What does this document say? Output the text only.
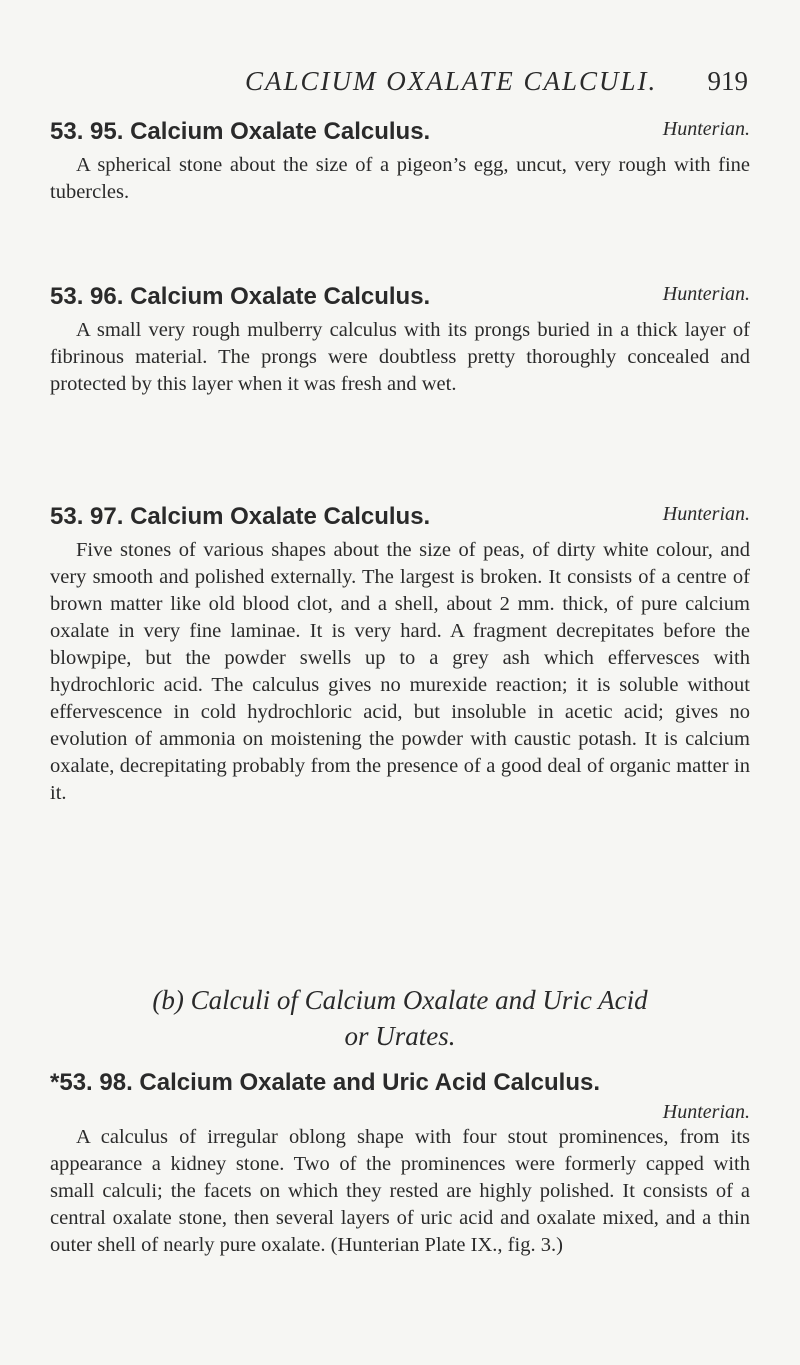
CALCIUM OXALATE CALCULI. 919
53. 95. Calcium Oxalate Calculus.	Hunterian.

A spherical stone about the size of a pigeon’s egg, uncut, very rough with fine tubercles.

53. 96. Calcium Oxalate Calculus.	Hunterian.

A small very rough mulberry calculus with its prongs buried in a thick layer of fibrinous material. The prongs were doubtless pretty thoroughly concealed and protected by this layer when it was fresh and wet.

53. 97. Calcium Oxalate Calculus.	Hunterian.

Five stones of various shapes about the size of peas, of dirty white colour, and very smooth and polished externally. The largest is broken. It consists of a centre of brown matter like old blood clot, and a shell, about 2 mm. thick, of pure calcium oxalate in very fine laminae. It is very hard. A fragment decrepitates before the blowpipe, but the powder swells up to a grey ash which effervesces with hydrochloric acid. The calculus gives no murexide reaction; it is soluble without effervescence in cold hydrochloric acid, but insoluble in acetic acid; gives no evolution of ammonia on moistening the powder with caustic potash. It is calcium oxalate, decrepitating probably from the presence of a good deal of organic matter in it.

(b) Calculi of Calcium Oxalate and Uric Acid
or Urates.
*53. 98. Calcium Oxalate and Uric Acid Calculus.
Hunterian.

A calculus of irregular oblong shape with four stout prominences, from its appearance a kidney stone. Two of the prominences were formerly capped with small calculi; the facets on which they rested are highly polished. It consists of a central oxalate stone, then several layers of uric acid and oxalate mixed, and a thin outer shell of nearly pure oxalate. (Hunterian Plate IX., fig. 3.)
